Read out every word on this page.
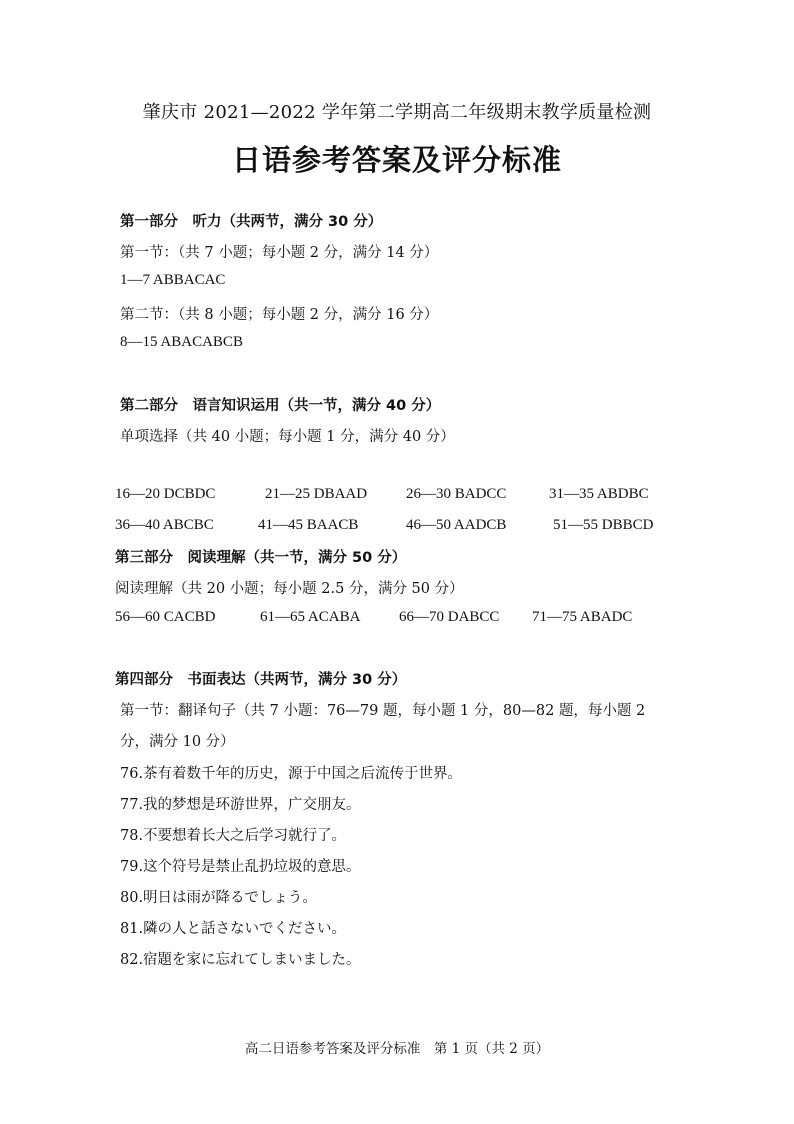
肇庆市 2021—2022 学年第二学期高二年级期末教学质量检测
日语参考答案及评分标准
第一部分　听力（共两节，满分 30 分）
第一节：（共 7 小题；每小题 2 分，满分 14 分）
1—7 ABBACAC
第二节：（共 8 小题；每小题 2 分，满分 16 分）
8—15 ABACABCB
第二部分　语言知识运用（共一节，满分 40 分）
单项选择（共 40 小题；每小题 1 分，满分 40 分）
16—20 DCBDC	21—25 DBAAD	26—30 BADCC	31—35 ABDBC
36—40 ABCBC	41—45 BAACB	46—50 AADCB	51—55 DBBCD
第三部分　阅读理解（共一节，满分 50 分）
阅读理解（共 20 小题；每小题 2.5 分，满分 50 分）
56—60 CACBD	61—65 ACABA	66—70 DABCC 71—75 ABADC
第四部分　书面表达（共两节，满分 30 分）
第一节：翻译句子（共 7 小题：76—79 题，每小题 1 分，80—82 题，每小题 2
分，满分 10 分）
76.茶有着数千年的历史，源于中国之后流传于世界。
77.我的梦想是环游世界，广交朋友。
78.不要想着长大之后学习就行了。
79.这个符号是禁止乱扔垃圾的意思。
80.明日は雨が降るでしょう。
81.隣の人と話さないでください。
82.宿題を家に忘れてしまいました。
高二日语参考答案及评分标准　第 1 页（共 2 页）
